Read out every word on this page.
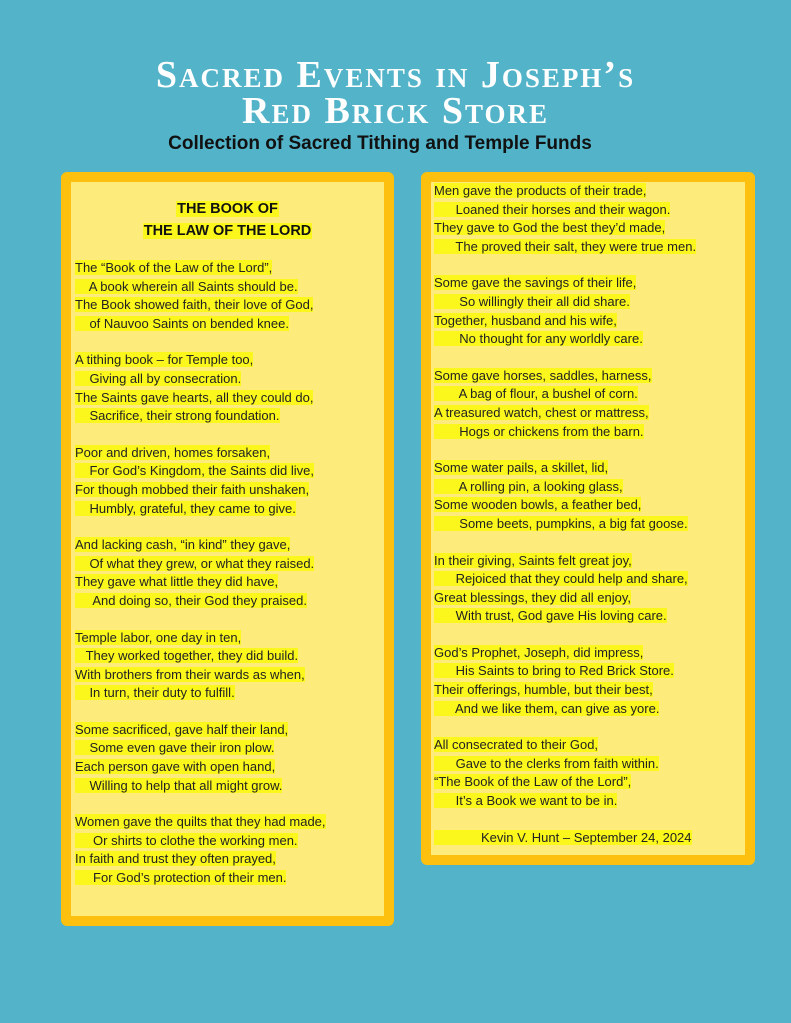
Sacred Events in Joseph’s
Red Brick Store
Collection of Sacred Tithing and Temple Funds
THE BOOK OF
THE LAW OF THE LORD
The “Book of the Law of the Lord”,
A book wherein all Saints should be.
The Book showed faith, their love of God,
of Nauvoo Saints on bended knee.
A tithing book – for Temple too,
Giving all by consecration.
The Saints gave hearts, all they could do,
Sacrifice, their strong foundation.
Poor and driven, homes forsaken,
For God’s Kingdom, the Saints did live,
For though mobbed their faith unshaken,
Humbly, grateful, they came to give.
And lacking cash, “in kind” they gave,
Of what they grew, or what they raised.
They gave what little they did have,
And doing so, their God they praised.
Temple labor, one day in ten,
They worked together, they did build.
With brothers from their wards as when,
In turn, their duty to fulfill.
Some sacrificed, gave half their land,
Some even gave their iron plow.
Each person gave with open hand,
Willing to help that all might grow.
Women gave the quilts that they had made,
Or shirts to clothe the working men.
In faith and trust they often prayed,
For God’s protection of their men.
Men gave the products of their trade,
Loaned their horses and their wagon.
They gave to God the best they’d made,
The proved their salt, they were true men.
Some gave the savings of their life,
So willingly their all did share.
Together, husband and his wife,
No thought for any worldly care.
Some gave horses, saddles, harness,
A bag of flour, a bushel of corn.
A treasured watch, chest or mattress,
Hogs or chickens from the barn.
Some water pails, a skillet, lid,
A rolling pin, a looking glass,
Some wooden bowls, a feather bed,
Some beets, pumpkins, a big fat goose.
In their giving, Saints felt great joy,
Rejoiced that they could help and share,
Great blessings, they did all enjoy,
With trust, God gave His loving care.
God’s Prophet, Joseph, did impress,
His Saints to bring to Red Brick Store.
Their offerings, humble, but their best,
And we like them, can give as yore.
All consecrated to their God,
Gave to the clerks from faith within.
“The Book of the Law of the Lord”,
It’s a Book we want to be in.
Kevin V. Hunt – September 24, 2024
